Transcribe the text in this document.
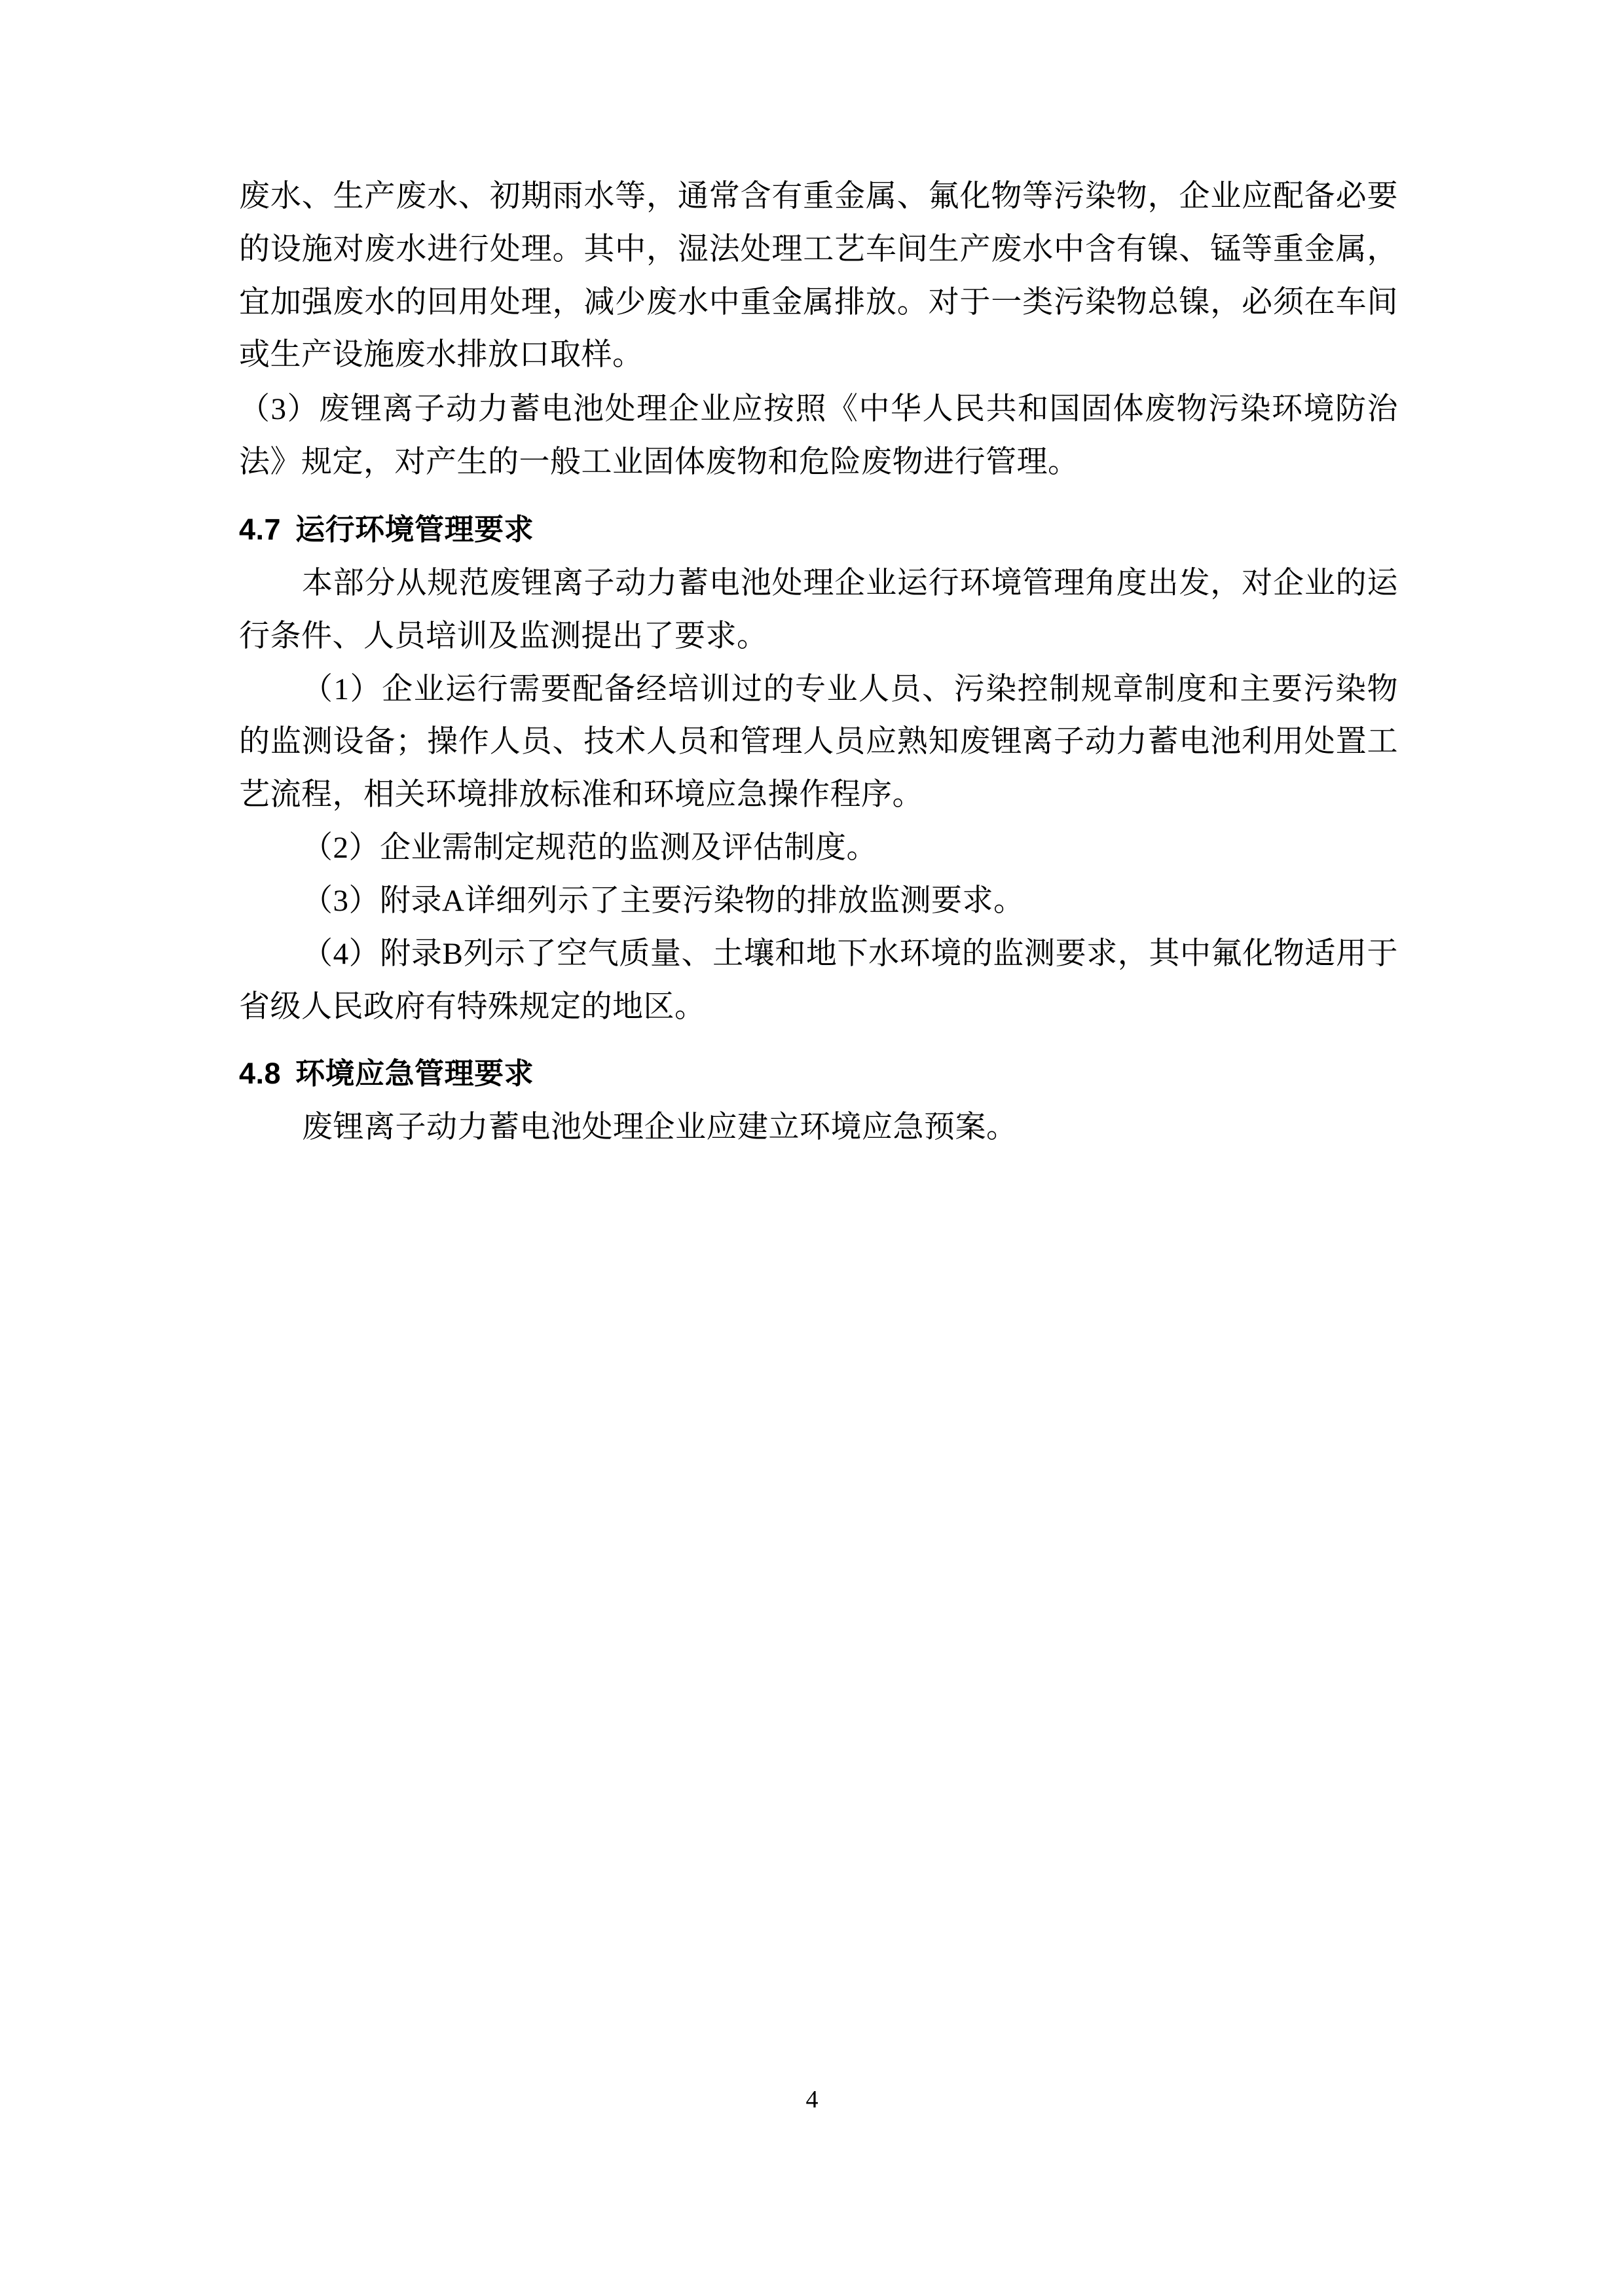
废水、生产废水、初期雨水等，通常含有重金属、氟化物等污染物，企业应配备必要的设施对废水进行处理。其中，湿法处理工艺车间生产废水中含有镍、锰等重金属，宜加强废水的回用处理，减少废水中重金属排放。对于一类污染物总镍，必须在车间或生产设施废水排放口取样。

（3）废锂离子动力蓄电池处理企业应按照《中华人民共和国固体废物污染环境防治法》规定，对产生的一般工业固体废物和危险废物进行管理。

4.7 运行环境管理要求

本部分从规范废锂离子动力蓄电池处理企业运行环境管理角度出发，对企业的运行条件、人员培训及监测提出了要求。

（1）企业运行需要配备经培训过的专业人员、污染控制规章制度和主要污染物的监测设备；操作人员、技术人员和管理人员应熟知废锂离子动力蓄电池利用处置工艺流程，相关环境排放标准和环境应急操作程序。

（2）企业需制定规范的监测及评估制度。

（3）附录A详细列示了主要污染物的排放监测要求。

（4）附录B列示了空气质量、土壤和地下水环境的监测要求，其中氟化物适用于省级人民政府有特殊规定的地区。

4.8 环境应急管理要求

废锂离子动力蓄电池处理企业应建立环境应急预案。

4
